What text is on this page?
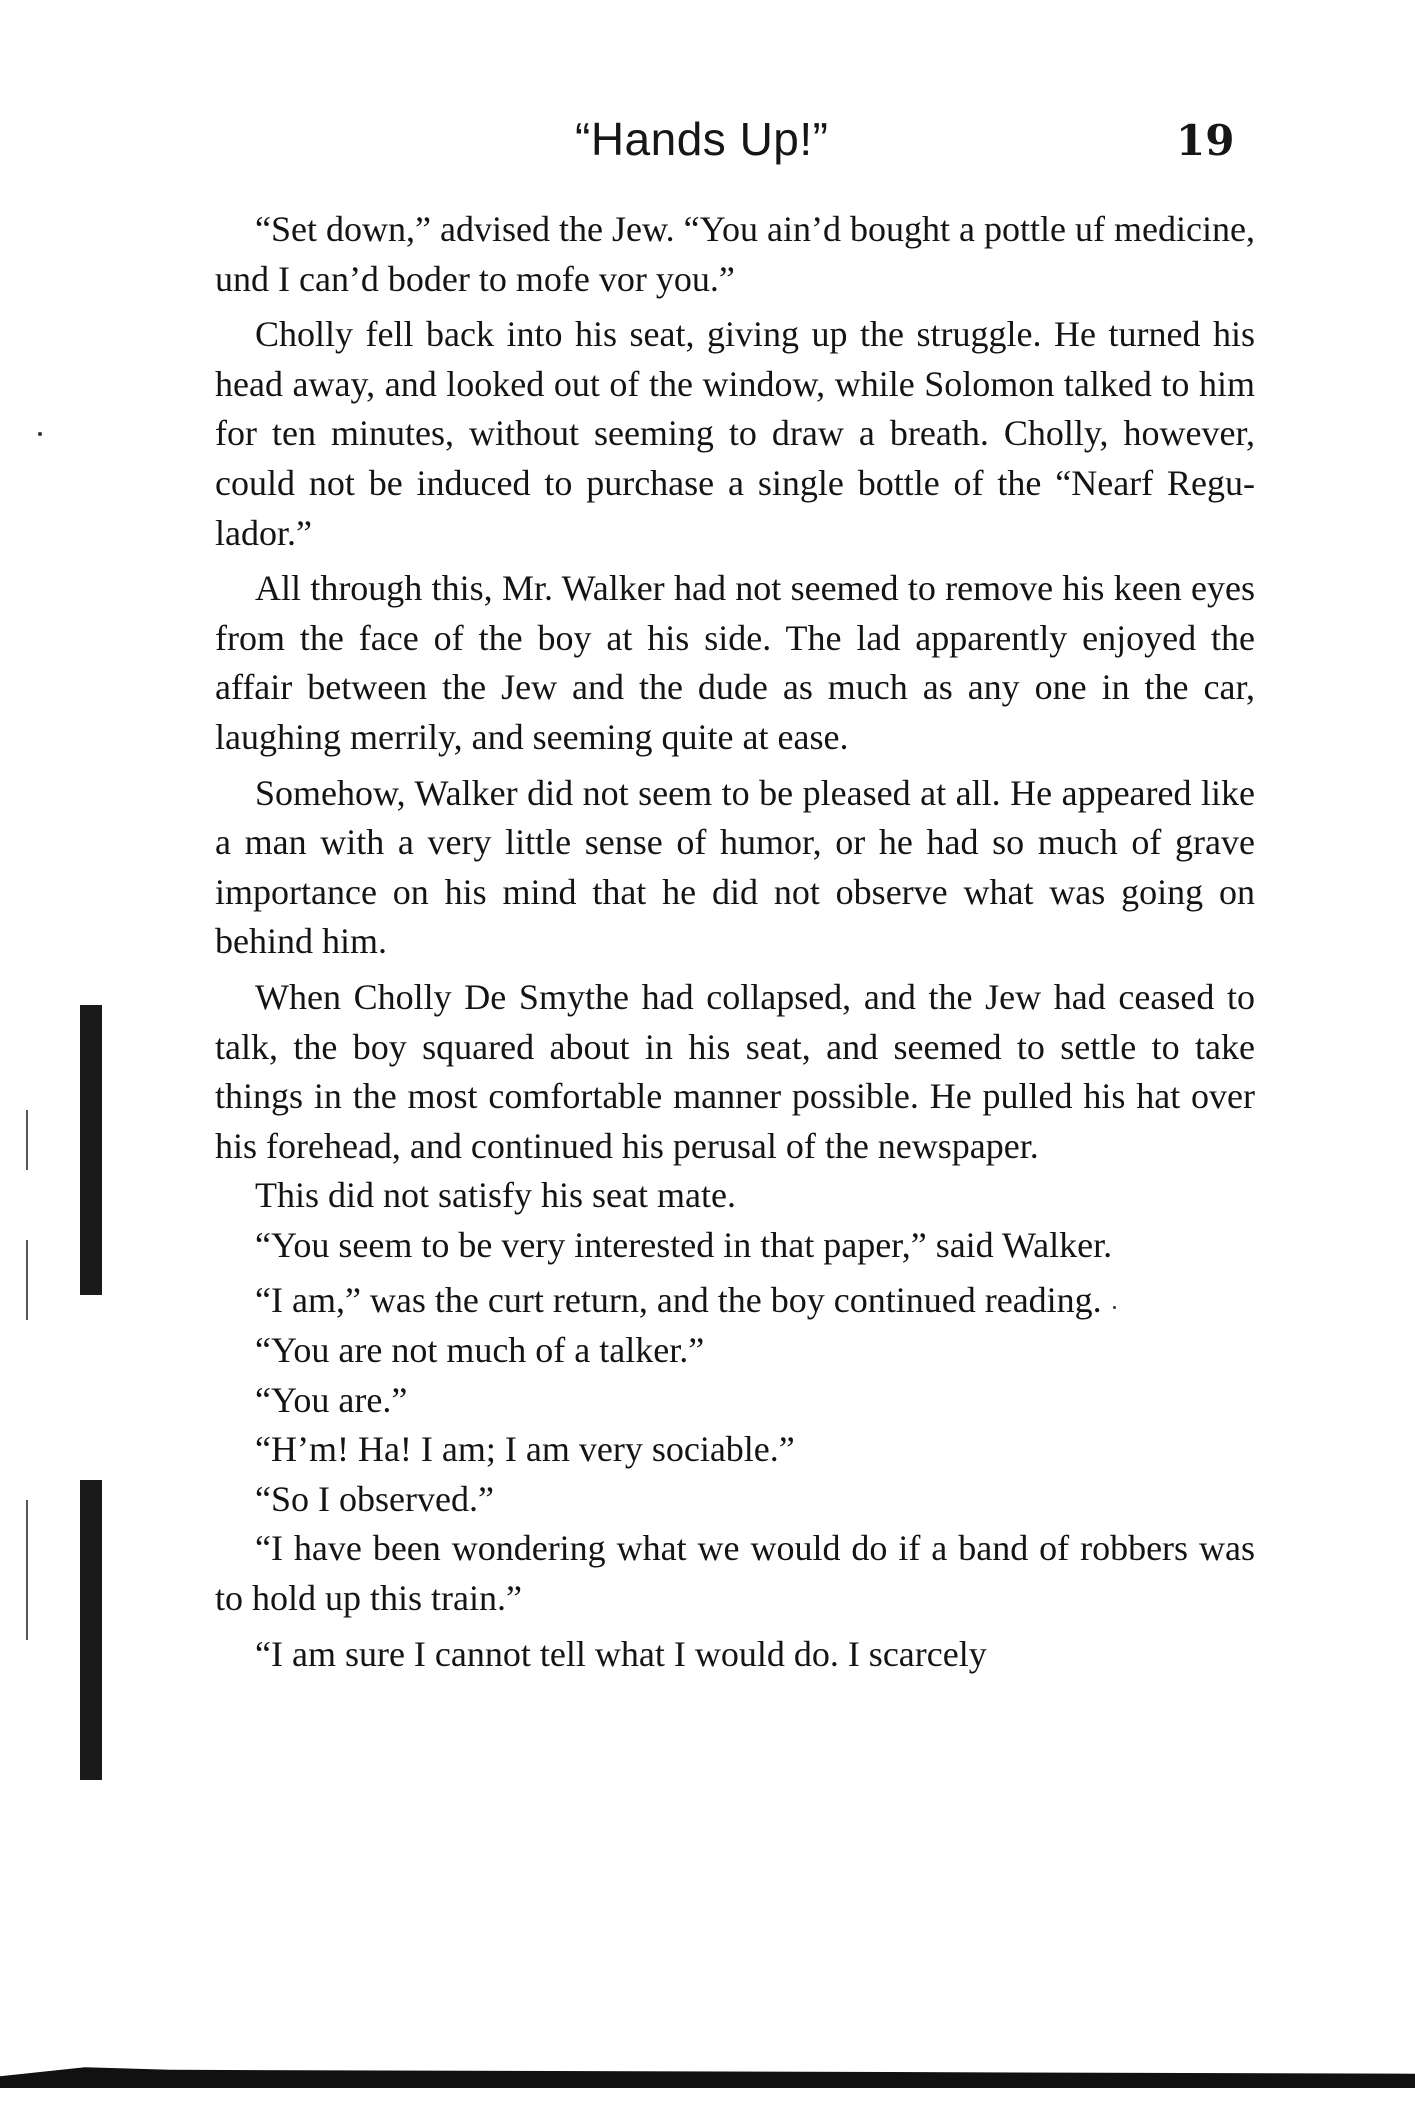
“Hands Up!”	19

“Set down,” advised the Jew. “You ain’d bought a pottle uf medicine, und I can’d boder to mofe vor you.”

Cholly fell back into his seat, giving up the struggle. He turned his head away, and looked out of the window, while Solomon talked to him for ten minutes, without seeming to draw a breath. Cholly, however, could not be induced to purchase a single bottle of the “Nearf Regulador.”

All through this, Mr. Walker had not seemed to remove his keen eyes from the face of the boy at his side. The lad apparently enjoyed the affair between the Jew and the dude as much as any one in the car, laughing merrily, and seeming quite at ease.

Somehow, Walker did not seem to be pleased at all. He appeared like a man with a very little sense of humor, or he had so much of grave importance on his mind that he did not observe what was going on behind him.

When Cholly De Smythe had collapsed, and the Jew had ceased to talk, the boy squared about in his seat, and seemed to settle to take things in the most comfortable manner possible. He pulled his hat over his forehead, and continued his perusal of the newspaper.

This did not satisfy his seat mate.

“You seem to be very interested in that paper,” said Walker.

“I am,” was the curt return, and the boy continued reading.

“You are not much of a talker.”

“You are.”

“H’m! Ha! I am; I am very sociable.”

“So I observed.”

“I have been wondering what we would do if a band of robbers was to hold up this train.”

“I am sure I cannot tell what I would do. I scarcely
